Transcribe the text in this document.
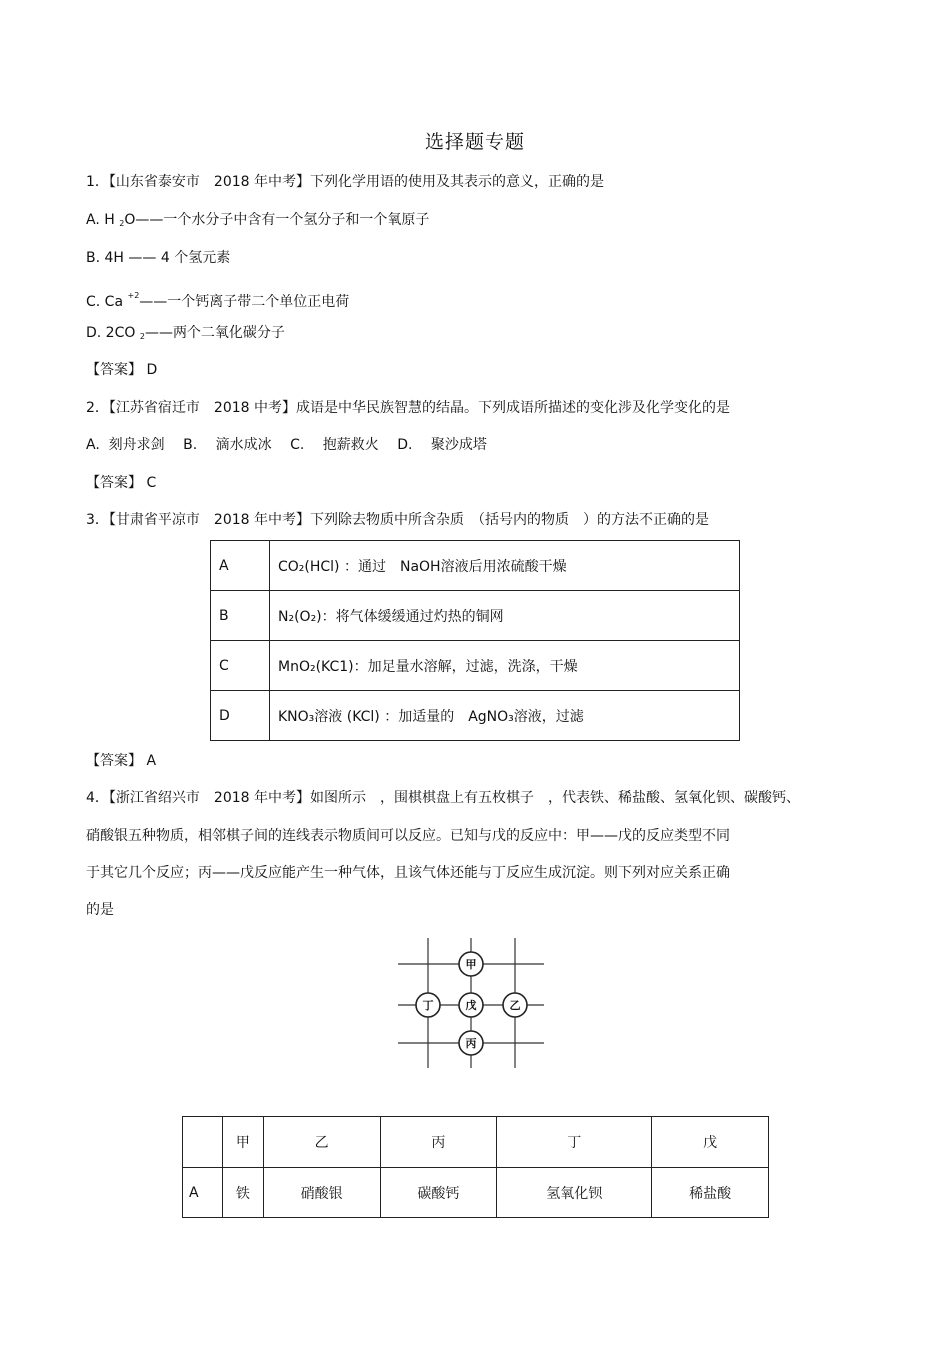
选择题专题
1．【山东省泰安市　2018 年中考】下列化学用语的使用及其表示的意义，正确的是
A. H $_2$O——一个水分子中含有一个氢分子和一个氧原子
B. 4H —— 4 个氢元素
C. Ca $^{+2}$——一个钙离子带二个单位正电荷
D. 2CO $_2$——两个二氧化碳分子
【答案】 D
2．【江苏省宿迁市　2018 中考】成语是中华民族智慧的结晶。下列成语所描述的变化涉及化学变化的是
A.  刻舟求剑　 B.　 滴水成冰　 C.　 抱薪救火　 D.　 聚沙成塔
【答案】 C
3．【甘肃省平凉市　2018 年中考】下列除去物质中所含杂质　（括号内的物质　）的方法不正确的是
A	CO₂(HCl) ：通过　NaOH溶液后用浓硫酸干燥
B	N₂(O₂)：将气体缓缓通过灼热的铜网
C	MnO₂(KC1)：加足量水溶解，过滤，洗涤，干燥
D	KNO₃溶液 (KCl) ：加适量的　AgNO₃溶液，过滤
【答案】 A
4．【浙江省绍兴市　2018 年中考】如图所示　，围棋棋盘上有五枚棋子　，代表铁、稀盐酸、氢氧化钡、碳酸钙、
硝酸银五种物质，相邻棋子间的连线表示物质间可以反应。已知与戊的反应中：甲——戊的反应类型不同
于其它几个反应；丙——戊反应能产生一种气体，且该气体还能与丁反应生成沉淀。则下列对应关系正确
的是
甲
丁	戊	乙
丙
	甲	乙	丙	丁	戊
A	铁	硝酸银	碳酸钙	氢氧化钡	稀盐酸
